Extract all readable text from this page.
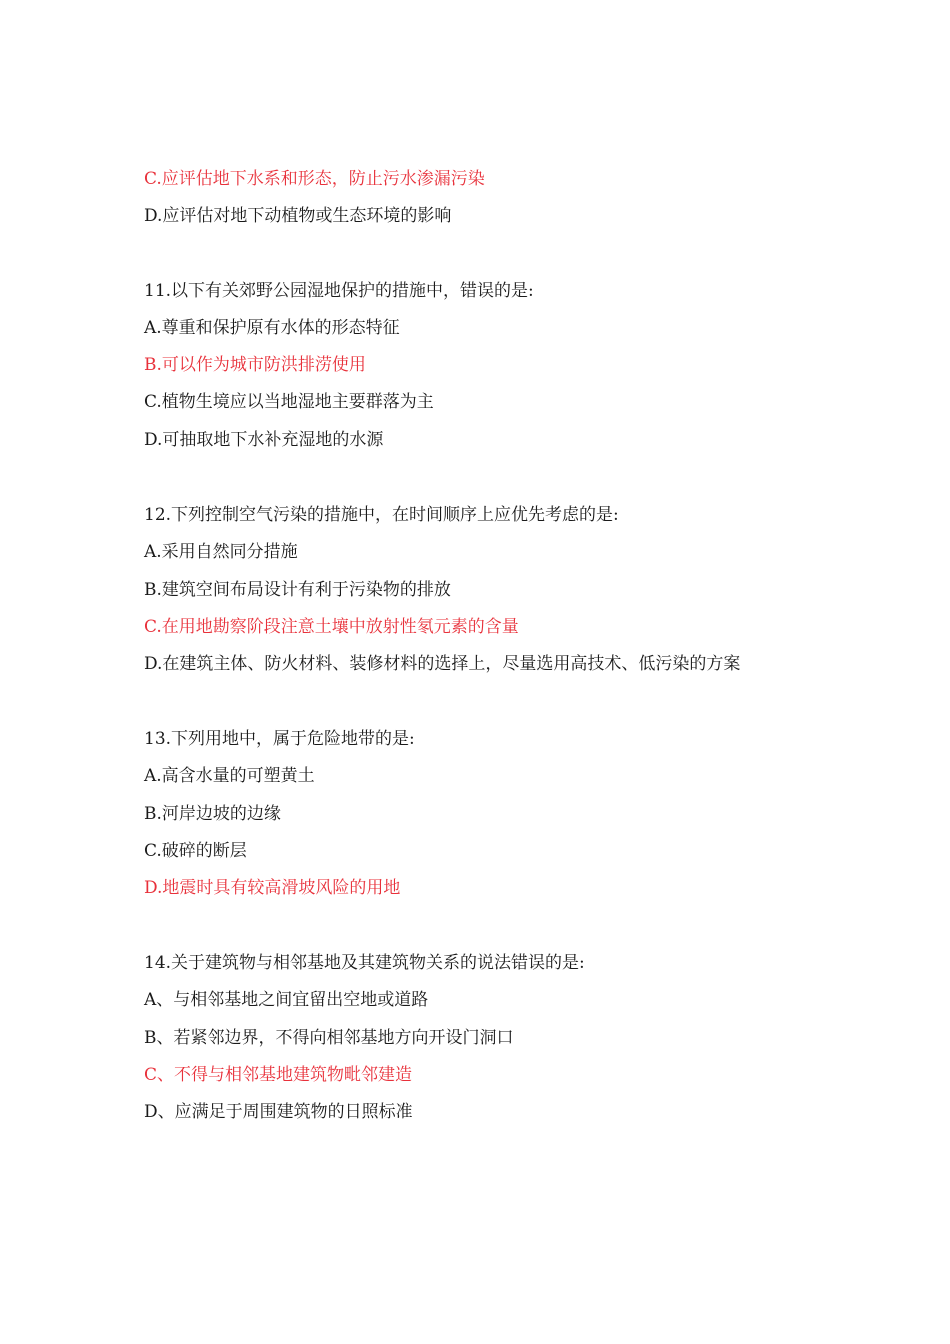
C.应评估地下水系和形态，防止污水渗漏污染
D.应评估对地下动植物或生态环境的影响
11.以下有关郊野公园湿地保护的措施中，错误的是:
A.尊重和保护原有水体的形态特征
B.可以作为城市防洪排涝使用
C.植物生境应以当地湿地主要群落为主
D.可抽取地下水补充湿地的水源
12.下列控制空气污染的措施中，在时间顺序上应优先考虑的是:
A.采用自然同分措施
B.建筑空间布局设计有利于污染物的排放
C.在用地勘察阶段注意土壤中放射性氡元素的含量
D.在建筑主体、防火材料、装修材料的选择上，尽量选用高技术、低污染的方案
13.下列用地中，属于危险地带的是:
A.高含水量的可塑黄土
B.河岸边坡的边缘
C.破碎的断层
D.地震时具有较高滑坡风险的用地
14.关于建筑物与相邻基地及其建筑物关系的说法错误的是:
A、与相邻基地之间宜留出空地或道路
B、若紧邻边界，不得向相邻基地方向开设门洞口
C、不得与相邻基地建筑物毗邻建造
D、应满足于周围建筑物的日照标准
